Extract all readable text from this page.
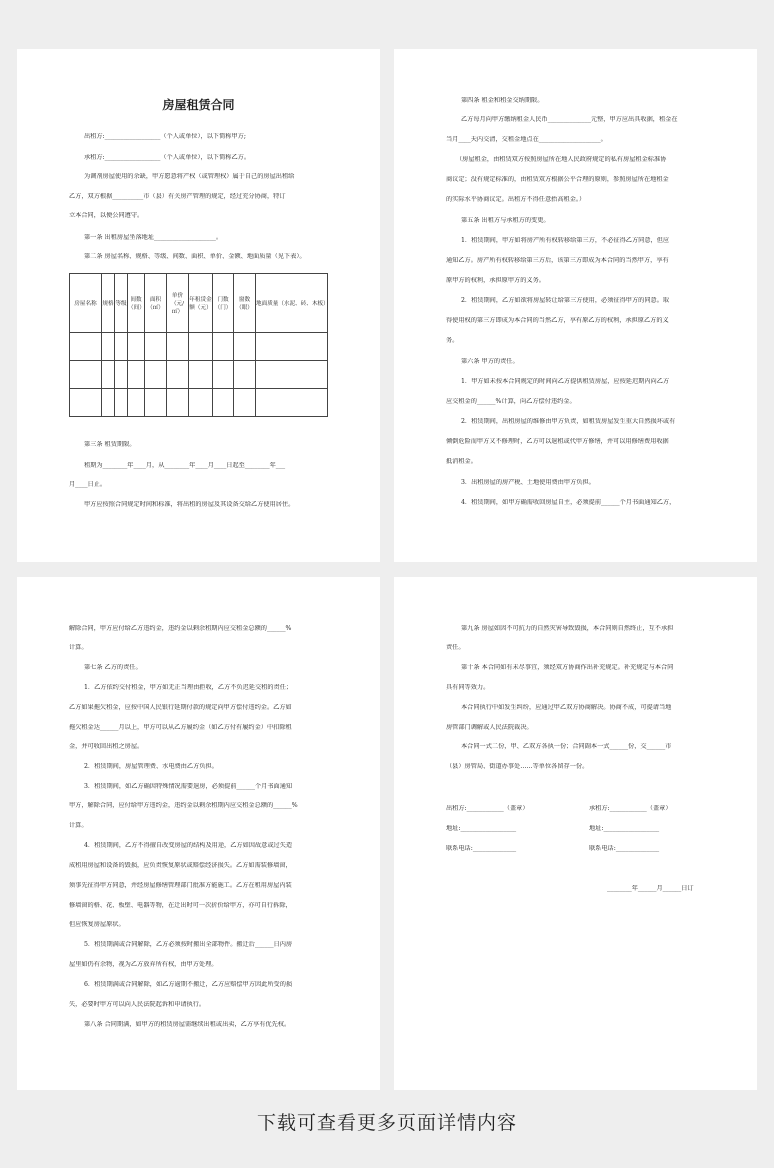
房屋租赁合同
出租方:__________________（个人或单位），以下简称甲方;
承租方:__________________（个人或单位），以下简称乙方。
为调剂房屋使用的余缺，甲方愿意将产权（或管理权）属于自己的房屋出租给
乙方，双方根据__________市（县）有关房产管理的规定，经过充分协商，特订
立本合同，以便公同遵守。
第一条 出租房屋坐落地址____________________。
第二条 房屋名称、规格、等级、间数、面积、单价、金额、地面质量（见下表）。
房屋名称	规格	等级	间数（间）	面积（㎡）	单价（元/㎡）	年租赁金额（元）	门数（门）	窗数（眼）	地面质量（水泥、砖、木板）

第三条 租赁期限。
租期为________年____月，从________年____月____日起至________年___
月____日止。
甲方应按照合同规定时间和标准，将出租的房屋及其设备交给乙方使用居住。
第四条 租金和租金交纳期限。
乙方每月向甲方缴纳租金人民币______________元整，甲方应出具收据，租金在
当月____天内交清，交租金地点在____________________。
（房屋租金，由租赁双方按照房屋所在地人民政府规定的私有房屋租金标准协
商议定；没有规定标准的，由租赁双方根据公平合理的原则，参照房屋所在地租金
的实际水平协商议定。出租方不得任意抬高租金。）
第五条 出租方与承租方的变更。
1．租赁期间，甲方如将房产所有权转移给第三方，不必征得乙方同意，但应
通知乙方。房产所有权转移给第三方后，该第三方即成为本合同的当然甲方，享有
原甲方的权利，承担原甲方的义务。
2．租赁期间，乙方如欲将房屋转让给第三方使用，必须征得甲方的同意。取
得使用权的第三方即成为本合同的当然乙方，享有原乙方的权利，承担原乙方的义
务。
第六条 甲方的责任。
1．甲方如未按本合同规定的时间向乙方提供租赁房屋，应按延迟期内向乙方
应交租金的______%计算，向乙方偿付违约金。
2．租赁期间，出租房屋的维修由甲方负责，如租赁房屋发生重大自然损坏或有
倾倒危险而甲方又不修理时，乙方可以退租或代甲方修缮，并可以用修缮费用收据
抵消租金。
3．出租房屋的房产税、土地使用费由甲方负担。
4．租赁期间，如甲方确需收回房屋自主，必须提前______个月书面通知乙方，
解除合同，甲方应付给乙方违约金，违约金以剩余租期内应交租金总额的______%
计算。
第七条 乙方的责任。
1．乙方依约交付租金，甲方如无正当理由拒收，乙方不负迟延交租的责任；
乙方如果拖欠租金，应按中国人民银行延期付款的规定向甲方偿付违约金。乙方如
拖欠租金达______月以上，甲方可以从乙方履约金（如乙方付有履约金）中扣除租
金，并可收回出租之房屋。
2．租赁期间，房屋管理费、水电费由乙方负担。
3．租赁期间，如乙方确因特殊情况需要退房，必须提前______个月书面通知
甲方，解除合同，应付给甲方违约金，违约金以剩余租期内应交租金总额的______%
计算。
4．租赁期间，乙方不得擅自改变房屋的结构及用途，乙方如因故意或过失造
成租用房屋和设备的毁损，应负责恢复原状或赔偿经济损失。乙方如需装修墙窗，
须事先征得甲方同意，并经房屋修缮管理部门批准方能施工。乙方在租用房屋内装
修墙窗的格、花、板壁、电器等物，在迁出时可一次折价给甲方，亦可自行拆除，
但应恢复房屋原状。
5．租赁期满或合同解除，乙方必须按时搬出全部物件。搬迁后______日内房
屋里如仍有余物，视为乙方放弃所有权，由甲方处理。
6．租赁期满或合同解除，如乙方逾期不搬迁，乙方应赔偿甲方因此所受的损
失，必要时甲方可以向人民法院起诉和申请执行。
第八条 合同期满，如甲方的租赁房屋需继续出租或出卖，乙方享有优先权。
第九条 房屋如因不可抗力的自然灾害导致毁损，本合同则自然终止，互不承担
责任。
第十条 本合同如有未尽事宜，须经双方协商作出补充规定。补充规定与本合同
具有同等效力。
本合同执行中如发生纠纷，应通过甲乙双方协商解决。协商不成，可提请当地
房管部门调解或人民法院裁决。
本合同一式二份，甲、乙双方各执一份；合同副本一式______份，交______市
（县）房管局、街道办事处……等单位各留存一份。
出租方:____________（盖章）
地址:__________________
联系电话:______________
承租方:____________（盖章）
地址:__________________
联系电话:______________
________年______月______日订
下载可查看更多页面详情内容
